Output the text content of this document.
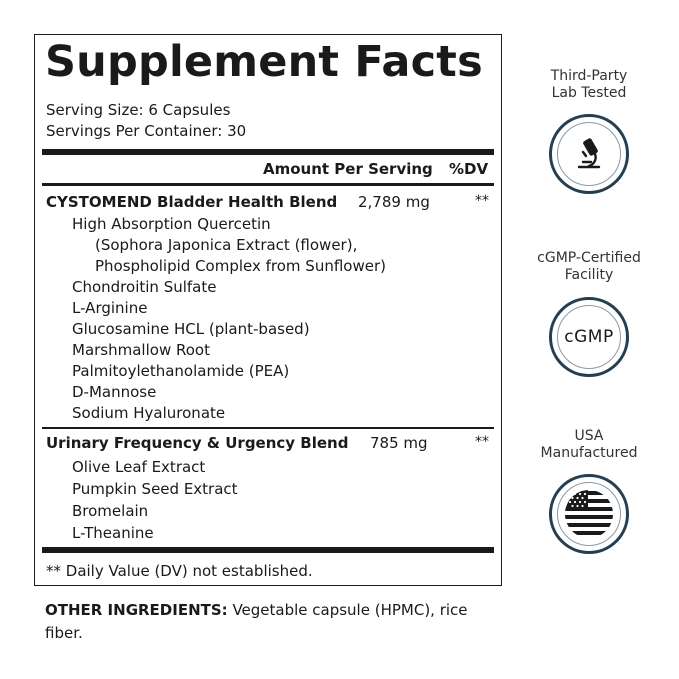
Supplement Facts
Serving Size: 6 Capsules
Servings Per Container: 30
Amount Per Serving %DV
CYSTOMEND Bladder Health Blend 2,789 mg	**
High Absorption Quercetin
(Sophora Japonica Extract (flower),
Phospholipid Complex from Sunflower)
Chondroitin Sulfate
L-Arginine
Glucosamine HCL (plant-based)
Marshmallow Root
Palmitoylethanolamide (PEA)
D-Mannose
Sodium Hyaluronate
Urinary Frequency & Urgency Blend 785 mg	**
Olive Leaf Extract
Pumpkin Seed Extract
Bromelain
L-Theanine
** Daily Value (DV) not established.
OTHER INGREDIENTS: Vegetable capsule (HPMC), rice fiber.
Third-Party
Lab Tested
cGMP-Certified
Facility
cGMP
USA
Manufactured
